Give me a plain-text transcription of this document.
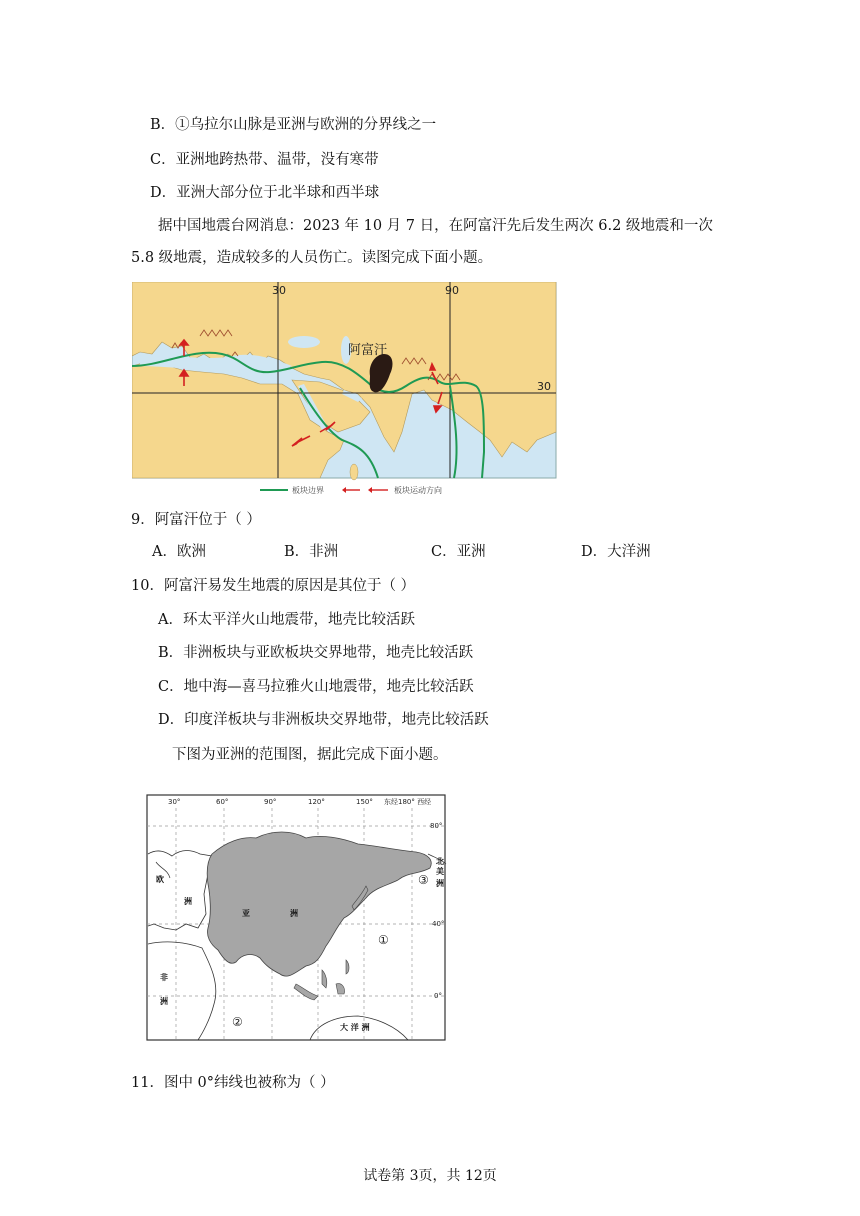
B．①乌拉尔山脉是亚洲与欧洲的分界线之一
C．亚洲地跨热带、温带，没有寒带
D．亚洲大部分位于北半球和西半球
据中国地震台网消息：2023 年 10 月 7 日，在阿富汗先后发生两次 6.2 级地震和一次
5.8 级地震，造成较多的人员伤亡。读图完成下面小题。
阿富汗
30	90
30
板块边界	板块运动方向
9．阿富汗位于（ ）
A．欧洲	B．非洲	C．亚洲	D．大洋洲
10．阿富汗易发生地震的原因是其位于（ ）
A．环太平洋火山地震带，地壳比较活跃
B．非洲板块与亚欧板块交界地带，地壳比较活跃
C．地中海—喜马拉雅火山地震带，地壳比较活跃
D．印度洋板块与非洲板块交界地带，地壳比较活跃
下图为亚洲的范围图，据此完成下面小题。
30°	60°	90°	120°	150° 东经180° 西经
80°
40°
0°
欧
洲
亚	洲
非
洲
北
美
洲
大 洋 洲
①
②
③
11．图中 0°纬线也被称为（ ）
试卷第 3页，共 12页
